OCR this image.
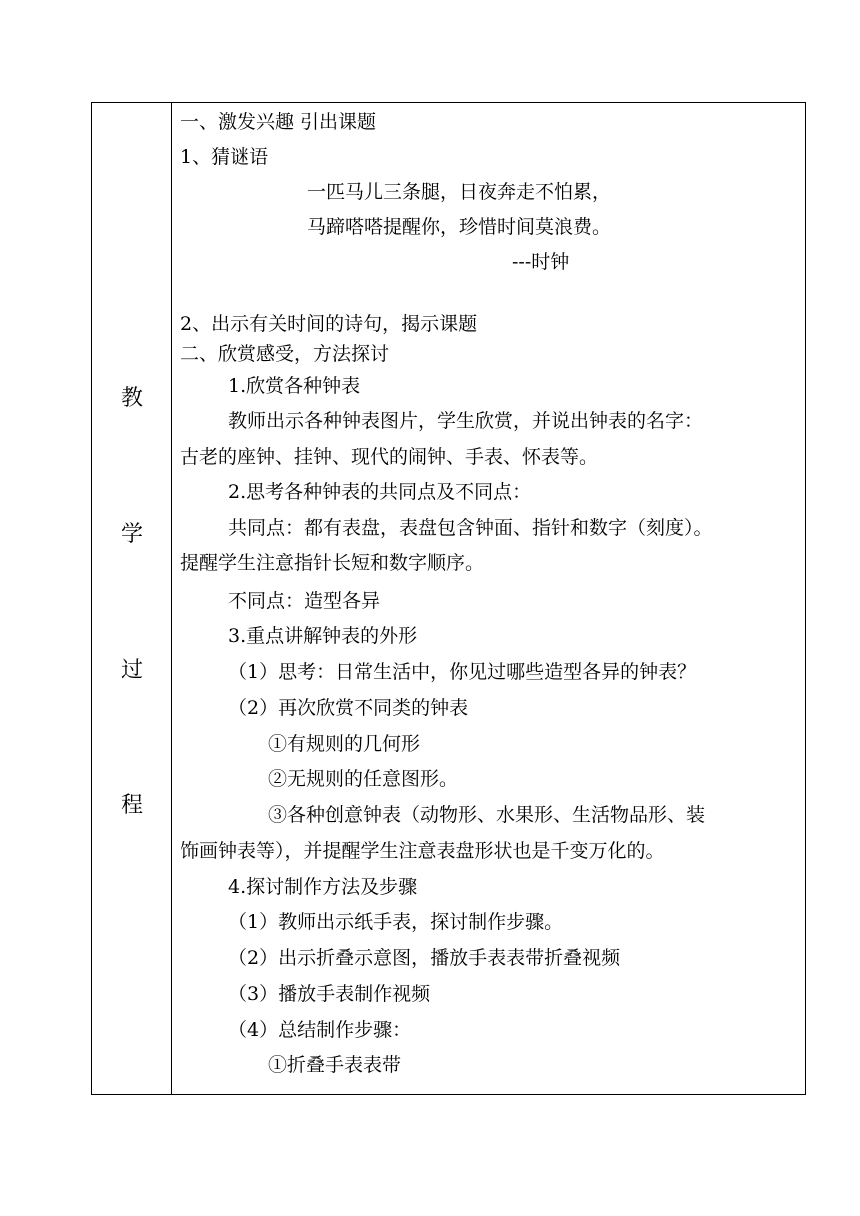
教
学
过
程
一、激发兴趣 引出课题
1、猜谜语
一匹马儿三条腿，日夜奔走不怕累，
马蹄嗒嗒提醒你，珍惜时间莫浪费。
---时钟
2、出示有关时间的诗句，揭示课题
二、欣赏感受，方法探讨
1.欣赏各种钟表
教师出示各种钟表图片，学生欣赏，并说出钟表的名字：
古老的座钟、挂钟、现代的闹钟、手表、怀表等。
2.思考各种钟表的共同点及不同点：
共同点：都有表盘，表盘包含钟面、指针和数字（刻度）。
提醒学生注意指针长短和数字顺序。
不同点：造型各异
3.重点讲解钟表的外形
（1）思考：日常生活中，你见过哪些造型各异的钟表？
（2）再次欣赏不同类的钟表
①有规则的几何形
②无规则的任意图形。
③各种创意钟表（动物形、水果形、生活物品形、装
饰画钟表等），并提醒学生注意表盘形状也是千变万化的。
4.探讨制作方法及步骤
（1）教师出示纸手表，探讨制作步骤。
（2）出示折叠示意图，播放手表表带折叠视频
（3）播放手表制作视频
（4）总结制作步骤：
①折叠手表表带
